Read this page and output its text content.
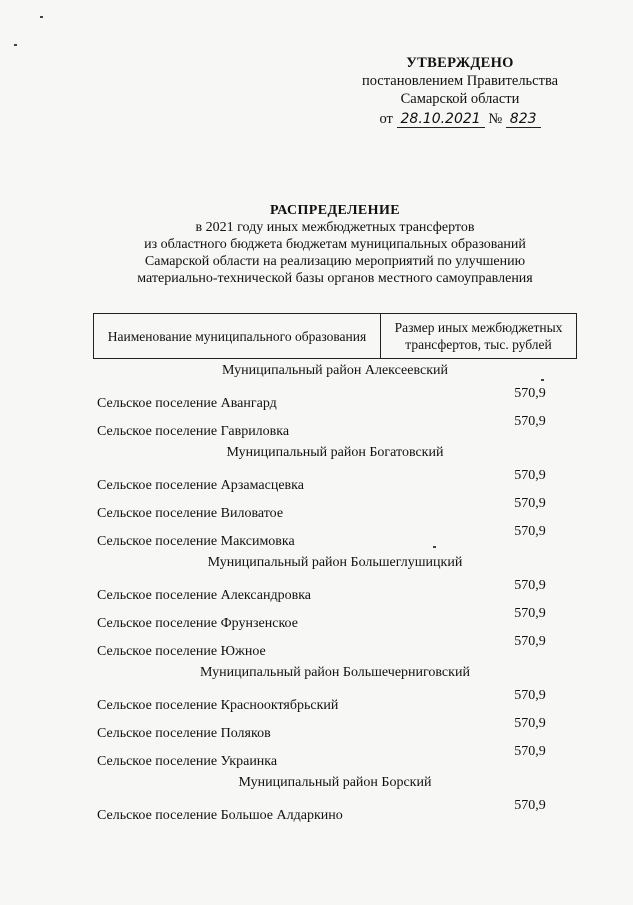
УТВЕРЖДЕНО
постановлением Правительства
Самарской области
от 28.10.2021 № 823
РАСПРЕДЕЛЕНИЕ
в 2021 году иных межбюджетных трансфертов
из областного бюджета бюджетам муниципальных образований
Самарской области на реализацию мероприятий по улучшению
материально-технической базы органов местного самоуправления
Наименование муниципального образования
Размер иных межбюджетных трансфертов, тыс. рублей
Муниципальный район Алексеевский
Сельское поселение Авангард
570,9
Сельское поселение Гавриловка
570,9
Муниципальный район Богатовский
Сельское поселение Арзамасцевка
570,9
Сельское поселение Виловатое
570,9
Сельское поселение Максимовка
570,9
Муниципальный район Большеглушицкий
Сельское поселение Александровка
570,9
Сельское поселение Фрунзенское
570,9
Сельское поселение Южное
570,9
Муниципальный район Большечерниговский
Сельское поселение Краснооктябрьский
570,9
Сельское поселение Поляков
570,9
Сельское поселение Украинка
570,9
Муниципальный район Борский
Сельское поселение Большое Алдаркино
570,9
